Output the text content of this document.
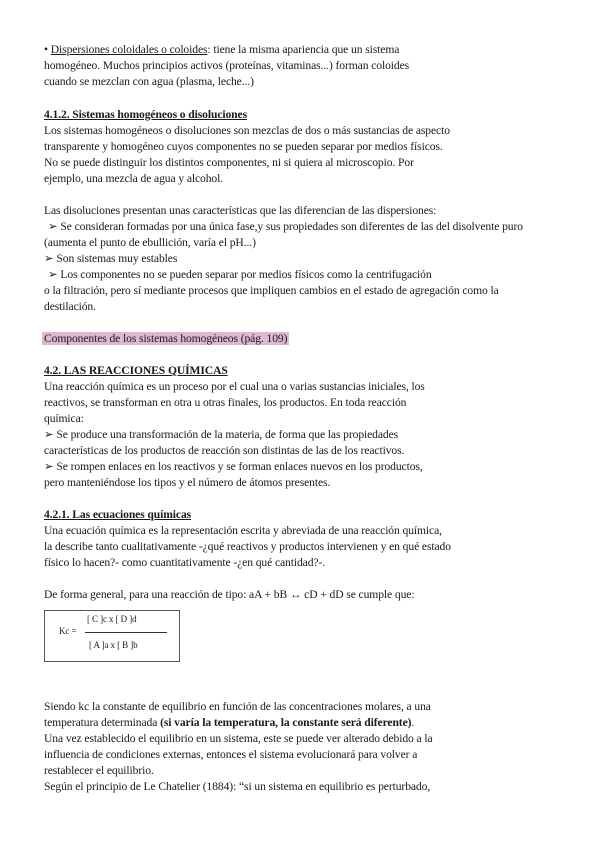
• Dispersiones coloidales o coloides: tiene la misma apariencia que un sistema
homogéneo. Muchos principios activos (proteínas, vitaminas...) forman coloides
cuando se mezclan con agua (plasma, leche...)
4.1.2. Sistemas homogéneos o disoluciones
Los sistemas homogéneos o disoluciones son mezclas de dos o más sustancias de aspecto
transparente y homogéneo cuyos componentes no se pueden separar por medios físicos.
No se puede distinguir los distintos componentes, ni si quiera al microscopio. Por
ejemplo, una mezcla de agua y alcohol.
Las disoluciones presentan unas características que las diferencian de las dispersiones:
➢ Se consideran formadas por una única fase,y sus propiedades son diferentes de las del disolvente puro
(aumenta el punto de ebullición, varía el pH...)
➢ Son sistemas muy estables
➢ Los componentes no se pueden separar por medios físicos como la centrifugación
o la filtración, pero sí mediante procesos que impliquen cambios en el estado de agregación como la
destilación.
Componentes de los sistemas homogéneos (pág. 109)
4.2. LAS REACCIONES QUÍMICAS
Una reacción química es un proceso por el cual una o varias sustancias iniciales, los
reactivos, se transforman en otra u otras finales, los productos. En toda reacción
química:
➢ Se produce una transformación de la materia, de forma que las propiedades
características de los productos de reacción son distintas de las de los reactivos.
➢ Se rompen enlaces en los reactivos y se forman enlaces nuevos en los productos,
pero manteniéndose los tipos y el número de átomos presentes.
4.2.1. Las ecuaciones químicas
Una ecuación química es la representación escrita y abreviada de una reacción química,
la describe tanto cualitativamente -¿qué reactivos y productos intervienen y en qué estado
físico lo hacen?- como cuantitativamente -¿en qué cantidad?-.
De forma general, para una reacción de tipo: aA + bB ↔ cD + dD se cumple que:
Kc =
[ C ]c x [ D ]d
[ A ]a x [ B ]b
Siendo kc la constante de equilibrio en función de las concentraciones molares, a una
temperatura determinada (si varía la temperatura, la constante será diferente).
Una vez establecido el equilibrio en un sistema, este se puede ver alterado debido a la
influencia de condiciones externas, entonces el sistema evolucionará para volver a
restablecer el equilibrio.
Según el principio de Le Chatelier (1884): “si un sistema en equilibrio es perturbado,
